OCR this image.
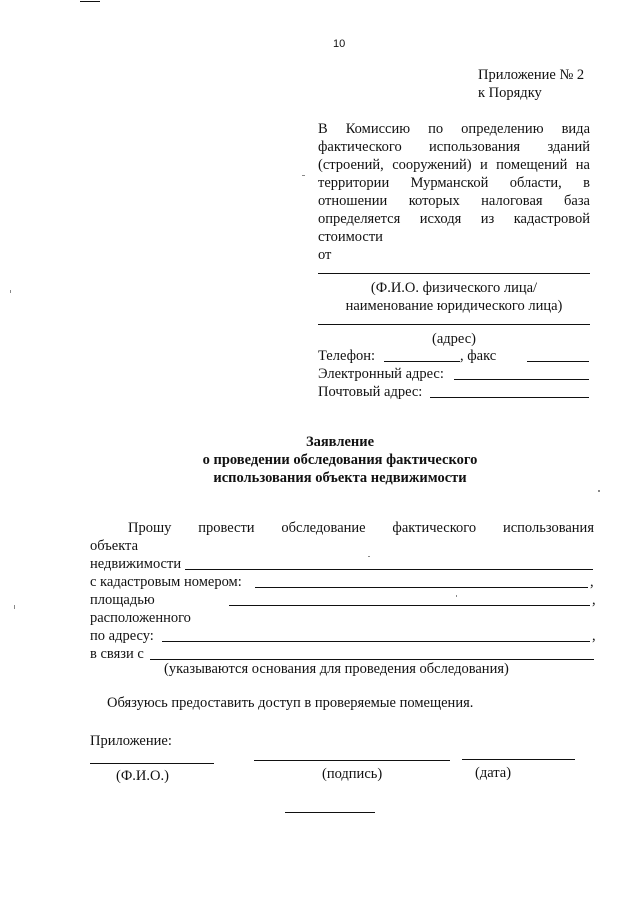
10
Приложение № 2
к Порядку
В Комиссию по определению вида
фактического использования зданий
(строений, сооружений) и помещений на
территории Мурманской области, в
отношении которых налоговая база
определяется исходя из кадастровой
стоимости
от
(Ф.И.О. физического лица/
наименование юридического лица)
(адрес)
Телефон:	, факс
Электронный адрес:
Почтовый адрес:
Заявление
о проведении обследования фактического
использования объекта недвижимости
Прошу провести обследование фактического использования
объекта
недвижимости
с кадастровым номером:	,
площадью	,
расположенного
по адресу:	,
в связи с
(указываются основания для проведения обследования)
Обязуюсь предоставить доступ в проверяемые помещения.
Приложение:
(Ф.И.О.)	(подпись)	(дата)
